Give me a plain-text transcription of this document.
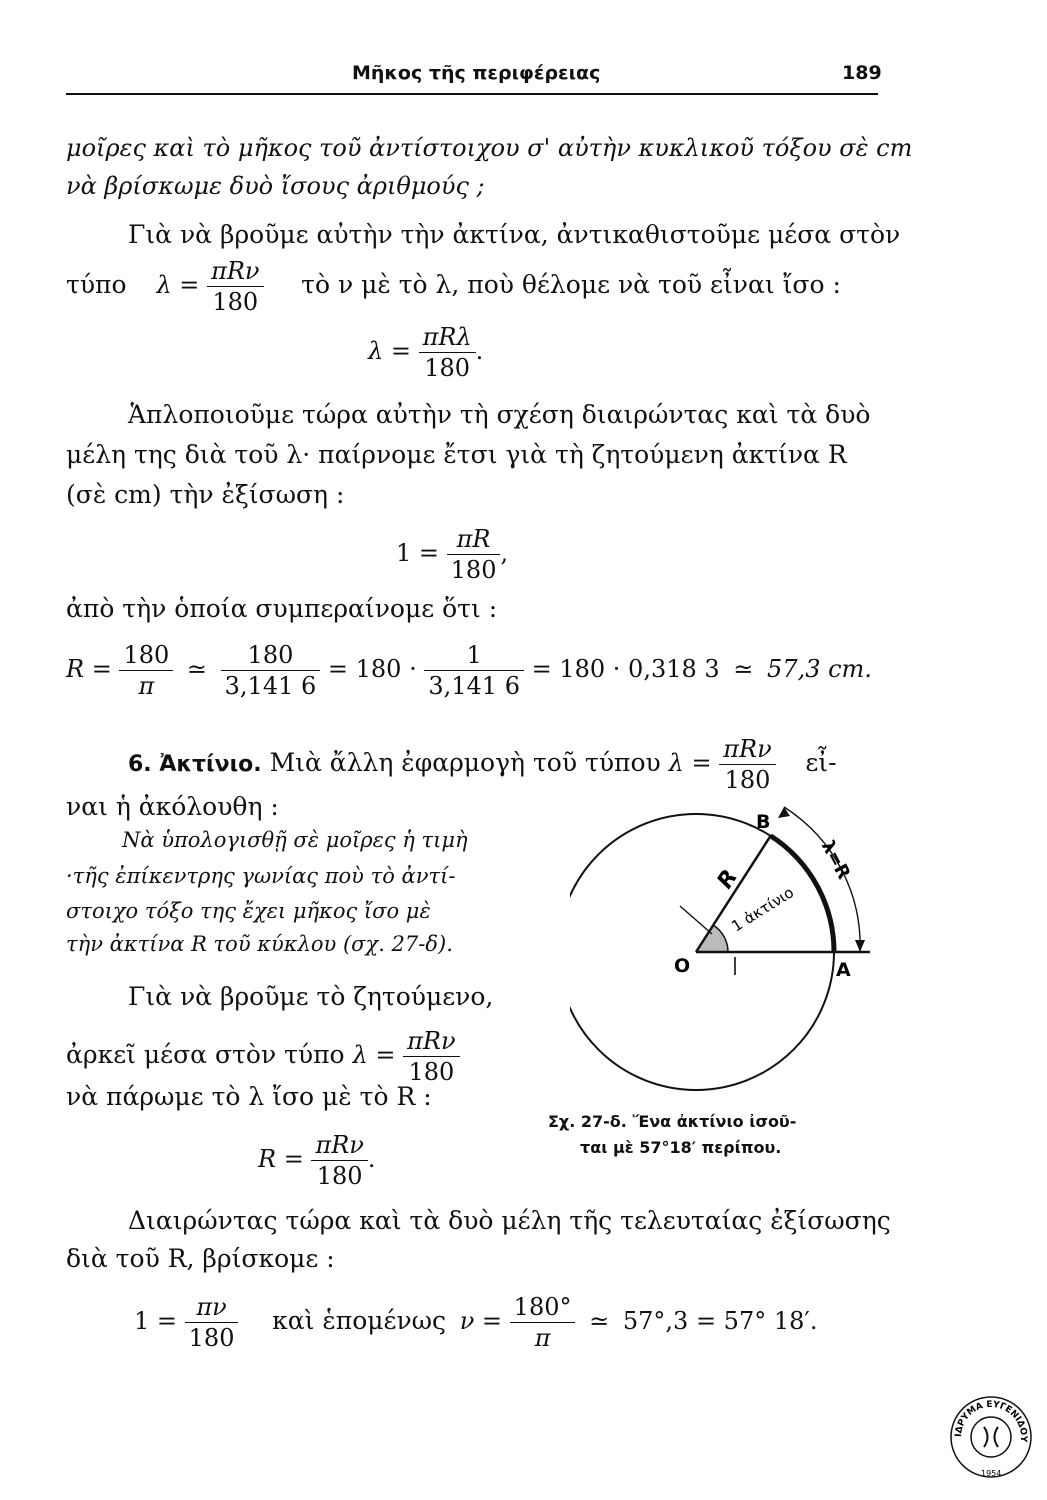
Μῆκος τῆς περιφέρειας	189
μοῖρες καὶ τὸ μῆκος τοῦ ἀντίστοιχου σ' αὐτὴν κυκλικοῦ τόξου σὲ cm
νὰ βρίσκωμε δυὸ ἴσους ἀριθμούς ;
Γιὰ νὰ βροῦμε αὐτὴν τὴν ἀκτίνα, ἀντικαθιστοῦμε μέσα στὸν
τύπο $\lambda = \frac{\text{πRν}}{180}$ τὸ ν μὲ τὸ λ, ποὺ θέλομε νὰ τοῦ εἶναι ἴσο :
$\lambda = \frac{\text{πRλ}}{180}$ .
Ἁπλοποιοῦμε τώρα αὐτὴν τὴ σχέση διαιρώντας καὶ τὰ δυὸ
μέλη της διὰ τοῦ λ· παίρνομε ἔτσι γιὰ τὴ ζητούμενη ἀκτίνα R
(σὲ cm) τὴν ἐξίσωση :
$1 = \frac{\pi R}{180}$ ,
ἀπὸ τὴν ὁποία συμπεραίνομε ὅτι :
$R = \frac{180}{\pi}$ ≃ $\frac{180}{3,141 6} = 180 \cdot \frac{1}{3,141 6} = 180 \cdot 0,318$ 3 ≃ 57,3 cm.
6. Ἀκτίνιο. Μιὰ ἄλλη ἐφαρμογὴ τοῦ τύπου $\lambda = \frac{\text{πRν}}{180}$ εἶ-
ναι ἡ ἀκόλουθη :
Νὰ ὑπολογισθῇ σὲ μοῖρες ἡ τιμὴ
·τῆς ἐπίκεντρης γωνίας ποὺ τὸ ἀντί-
στοιχο τόξο της ἔχει μῆκος ἴσο μὲ
τὴν ἀκτίνα R τοῦ κύκλου (σχ. 27-δ).
Γιὰ νὰ βροῦμε τὸ ζητούμενο,
ἀρκεῖ μέσα στὸν τύπο $\lambda = \frac{\text{πRν}}{180}$
νὰ πάρωμε τὸ λ ἴσο μὲ τὸ R :
$R = \frac{\text{πRν}}{180}$ .
O	A
B
R	λ=R
1 ἀκτίνιο
Σχ. 27-δ. Ἕνα ἀκτίνιο ἰσοῦ-
ται μὲ 57°18′ περίπου.
Διαιρώντας τώρα καὶ τὰ δυὸ μέλη τῆς τελευταίας ἐξίσωσης
διὰ τοῦ R, βρίσκομε :
$1 = \frac{\pi\nu}{180}$ καὶ ἑπομένως $\nu = \frac{180^\circ}{\pi}$ ≃ 57°,3 = 57° 18′.
ΙΔΡΥΜΑ ΕΥΓΕΝΙΔΟΥ
1954
